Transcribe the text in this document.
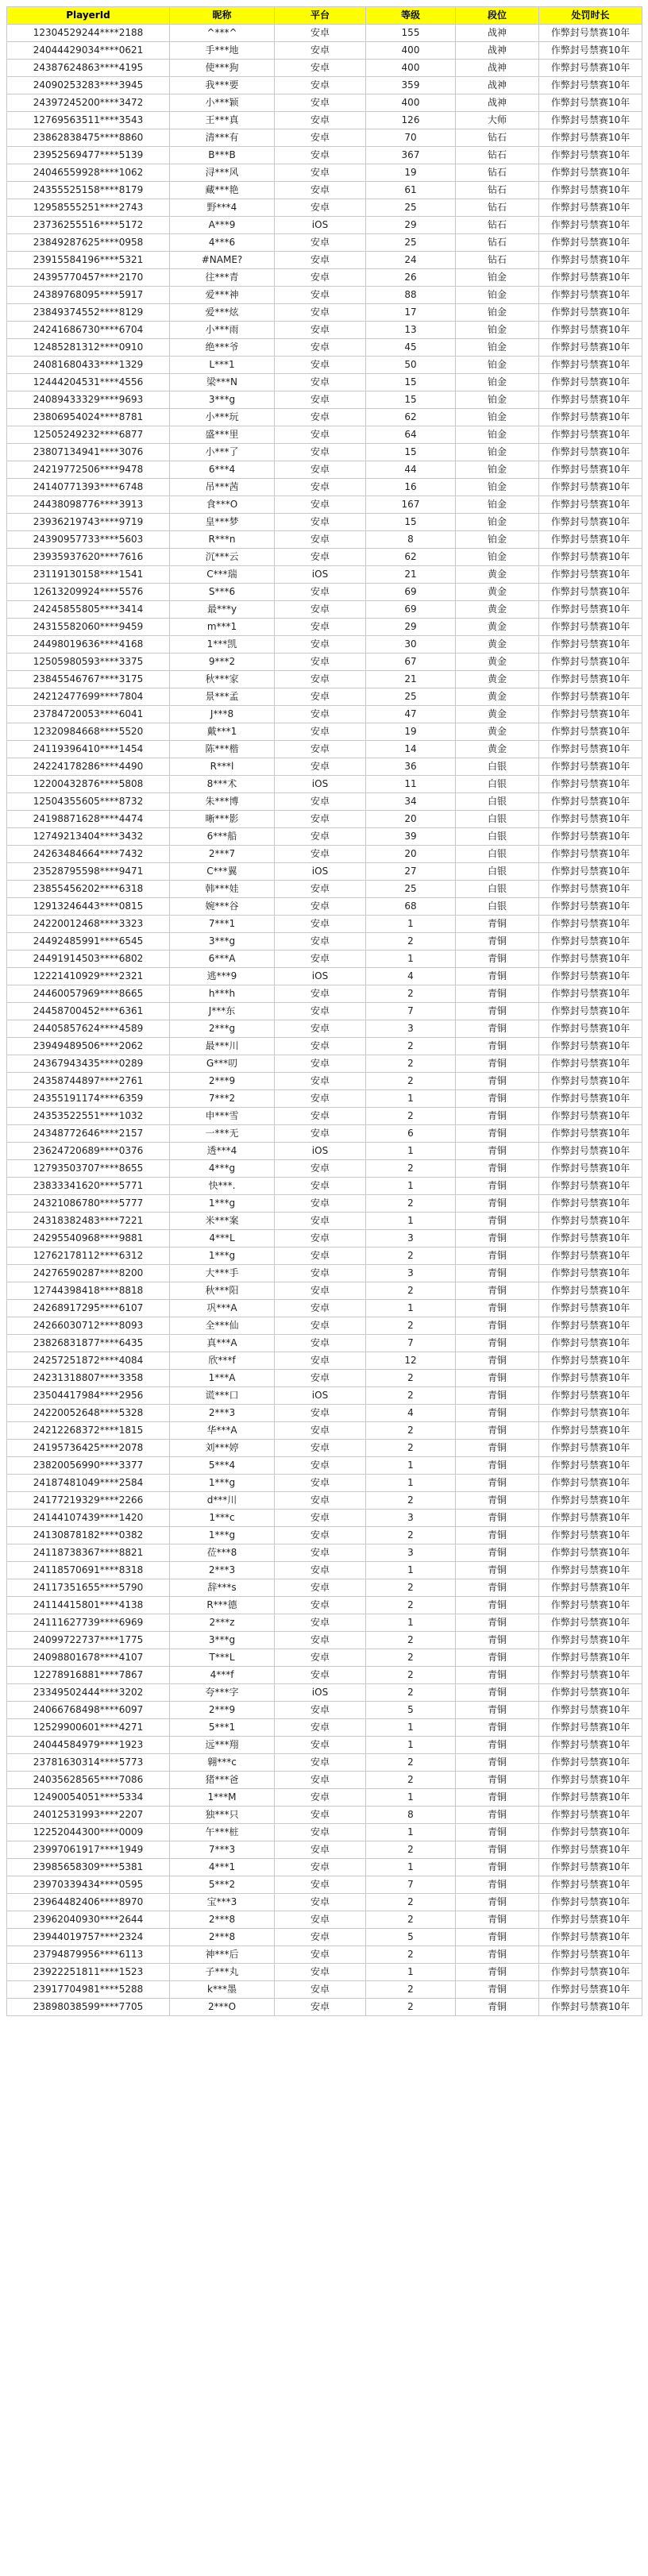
PlayerId	昵称	平台	等级	段位	处罚时长
12304529244****2188	^***^	安卓	155	战神	作弊封号禁赛10年
24044429034****0621	手***地	安卓	400	战神	作弊封号禁赛10年
24387624863****4195	使***狗	安卓	400	战神	作弊封号禁赛10年
24090253283****3945	我***要	安卓	359	战神	作弊封号禁赛10年
24397245200****3472	小***颖	安卓	400	战神	作弊封号禁赛10年
12769563511****3543	王***真	安卓	126	大师	作弊封号禁赛10年
23862838475****8860	清***有	安卓	70	钻石	作弊封号禁赛10年
23952569477****5139	B***B	安卓	367	钻石	作弊封号禁赛10年
24046559928****1062	浔***风	安卓	19	钻石	作弊封号禁赛10年
24355525158****8179	藏***艳	安卓	61	钻石	作弊封号禁赛10年
12958555251****2743	野***4	安卓	25	钻石	作弊封号禁赛10年
23736255516****5172	A***9	iOS	29	钻石	作弊封号禁赛10年
23849287625****0958	4***6	安卓	25	钻石	作弊封号禁赛10年
23915584196****5321	#NAME?	安卓	24	钻石	作弊封号禁赛10年
24395770457****2170	往***青	安卓	26	铂金	作弊封号禁赛10年
24389768095****5917	爱***神	安卓	88	铂金	作弊封号禁赛10年
23849374552****8129	爱***炫	安卓	17	铂金	作弊封号禁赛10年
24241686730****6704	小***雨	安卓	13	铂金	作弊封号禁赛10年
12485281312****0910	绝***爷	安卓	45	铂金	作弊封号禁赛10年
24081680433****1329	L***1	安卓	50	铂金	作弊封号禁赛10年
12444204531****4556	梁***N	安卓	15	铂金	作弊封号禁赛10年
24089433329****9693	3***g	安卓	15	铂金	作弊封号禁赛10年
23806954024****8781	小***玩	安卓	62	铂金	作弊封号禁赛10年
12505249232****6877	盛***里	安卓	64	铂金	作弊封号禁赛10年
23807134941****3076	小***了	安卓	15	铂金	作弊封号禁赛10年
24219772506****9478	6***4	安卓	44	铂金	作弊封号禁赛10年
24140771393****6748	吊***茜	安卓	16	铂金	作弊封号禁赛10年
24438098776****3913	食***O	安卓	167	铂金	作弊封号禁赛10年
23936219743****9719	皇***梦	安卓	15	铂金	作弊封号禁赛10年
24390957733****5603	R***n	安卓	8	铂金	作弊封号禁赛10年
23935937620****7616	沉***云	安卓	62	铂金	作弊封号禁赛10年
23119130158****1541	C***瑞	iOS	21	黄金	作弊封号禁赛10年
12613209924****5576	S***6	安卓	69	黄金	作弊封号禁赛10年
24245855805****3414	最***y	安卓	69	黄金	作弊封号禁赛10年
24315582060****9459	m***1	安卓	29	黄金	作弊封号禁赛10年
24498019636****4168	1***凯	安卓	30	黄金	作弊封号禁赛10年
12505980593****3375	9***2	安卓	67	黄金	作弊封号禁赛10年
23845546767****3175	秋***家	安卓	21	黄金	作弊封号禁赛10年
24212477699****7804	景***孟	安卓	25	黄金	作弊封号禁赛10年
23784720053****6041	J***8	安卓	47	黄金	作弊封号禁赛10年
12320984668****5520	戴***1	安卓	19	黄金	作弊封号禁赛10年
24119396410****1454	陈***楷	安卓	14	黄金	作弊封号禁赛10年
24224178286****4490	R***l	安卓	36	白银	作弊封号禁赛10年
12200432876****5808	8***术	iOS	11	白银	作弊封号禁赛10年
12504355605****8732	朱***博	安卓	34	白银	作弊封号禁赛10年
24198871628****4474	晰***影	安卓	20	白银	作弊封号禁赛10年
12749213404****3432	6***船	安卓	39	白银	作弊封号禁赛10年
24263484664****7432	2***7	安卓	20	白银	作弊封号禁赛10年
23528795598****9471	C***翼	iOS	27	白银	作弊封号禁赛10年
23855456202****6318	韩***娃	安卓	25	白银	作弊封号禁赛10年
12913246443****0815	婉***谷	安卓	68	白银	作弊封号禁赛10年
24220012468****3323	7***1	安卓	1	青铜	作弊封号禁赛10年
24492485991****6545	3***g	安卓	2	青铜	作弊封号禁赛10年
24491914503****6802	6***A	安卓	1	青铜	作弊封号禁赛10年
12221410929****2321	逃***9	iOS	4	青铜	作弊封号禁赛10年
24460057969****8665	h***h	安卓	2	青铜	作弊封号禁赛10年
24458700452****6361	J***东	安卓	7	青铜	作弊封号禁赛10年
24405857624****4589	2***g	安卓	3	青铜	作弊封号禁赛10年
23949489506****2062	最***川	安卓	2	青铜	作弊封号禁赛10年
24367943435****0289	G***叨	安卓	2	青铜	作弊封号禁赛10年
24358744897****2761	2***9	安卓	2	青铜	作弊封号禁赛10年
24355191174****6359	7***2	安卓	1	青铜	作弊封号禁赛10年
24353522551****1032	申***雪	安卓	2	青铜	作弊封号禁赛10年
24348772646****2157	一***无	安卓	6	青铜	作弊封号禁赛10年
23624720689****0376	透***4	iOS	1	青铜	作弊封号禁赛10年
12793503707****8655	4***g	安卓	2	青铜	作弊封号禁赛10年
23833341620****5771	快***.	安卓	1	青铜	作弊封号禁赛10年
24321086780****5777	1***g	安卓	2	青铜	作弊封号禁赛10年
24318382483****7221	米***案	安卓	1	青铜	作弊封号禁赛10年
24295540968****9881	4***L	安卓	3	青铜	作弊封号禁赛10年
12762178112****6312	1***g	安卓	2	青铜	作弊封号禁赛10年
24276590287****8200	大***手	安卓	3	青铜	作弊封号禁赛10年
12744398418****8818	秋***阳	安卓	2	青铜	作弊封号禁赛10年
24268917295****6107	巩***A	安卓	1	青铜	作弊封号禁赛10年
24266030712****8093	全***仙	安卓	2	青铜	作弊封号禁赛10年
23826831877****6435	真***A	安卓	7	青铜	作弊封号禁赛10年
24257251872****4084	欣***f	安卓	12	青铜	作弊封号禁赛10年
24231318807****3358	1***A	安卓	2	青铜	作弊封号禁赛10年
23504417984****2956	谎***口	iOS	2	青铜	作弊封号禁赛10年
24220052648****5328	2***3	安卓	4	青铜	作弊封号禁赛10年
24212268372****1815	华***A	安卓	2	青铜	作弊封号禁赛10年
24195736425****2078	刘***婷	安卓	2	青铜	作弊封号禁赛10年
23820056990****3377	5***4	安卓	1	青铜	作弊封号禁赛10年
24187481049****2584	1***g	安卓	1	青铜	作弊封号禁赛10年
24177219329****2266	d***川	安卓	2	青铜	作弊封号禁赛10年
24144107439****1420	1***c	安卓	3	青铜	作弊封号禁赛10年
24130878182****0382	1***g	安卓	2	青铜	作弊封号禁赛10年
24118738367****8821	莅***8	安卓	3	青铜	作弊封号禁赛10年
24118570691****8318	2***3	安卓	1	青铜	作弊封号禁赛10年
24117351655****5790	辞***s	安卓	2	青铜	作弊封号禁赛10年
24114415801****4138	R***德	安卓	2	青铜	作弊封号禁赛10年
24111627739****6969	2***z	安卓	1	青铜	作弊封号禁赛10年
24099722737****1775	3***g	安卓	2	青铜	作弊封号禁赛10年
24098801678****4107	T***L	安卓	2	青铜	作弊封号禁赛10年
12278916881****7867	4***f	安卓	2	青铜	作弊封号禁赛10年
23349502444****3202	夸***字	iOS	2	青铜	作弊封号禁赛10年
24066768498****6097	2***9	安卓	5	青铜	作弊封号禁赛10年
12529900601****4271	5***1	安卓	1	青铜	作弊封号禁赛10年
24044584979****1923	远***翔	安卓	1	青铜	作弊封号禁赛10年
23781630314****5773	翱***c	安卓	2	青铜	作弊封号禁赛10年
24035628565****7086	猪***爸	安卓	2	青铜	作弊封号禁赛10年
12490054051****5334	1***M	安卓	1	青铜	作弊封号禁赛10年
24012531993****2207	独***只	安卓	8	青铜	作弊封号禁赛10年
12252044300****0009	午***桩	安卓	1	青铜	作弊封号禁赛10年
23997061917****1949	7***3	安卓	2	青铜	作弊封号禁赛10年
23985658309****5381	4***1	安卓	1	青铜	作弊封号禁赛10年
23970339434****0595	5***2	安卓	7	青铜	作弊封号禁赛10年
23964482406****8970	宝***3	安卓	2	青铜	作弊封号禁赛10年
23962040930****2644	2***8	安卓	2	青铜	作弊封号禁赛10年
23944019757****2324	2***8	安卓	5	青铜	作弊封号禁赛10年
23794879956****6113	神***后	安卓	2	青铜	作弊封号禁赛10年
23922251811****1523	子***丸	安卓	1	青铜	作弊封号禁赛10年
23917704981****5288	k***墨	安卓	2	青铜	作弊封号禁赛10年
23898038599****7705	2***O	安卓	2	青铜	作弊封号禁赛10年
